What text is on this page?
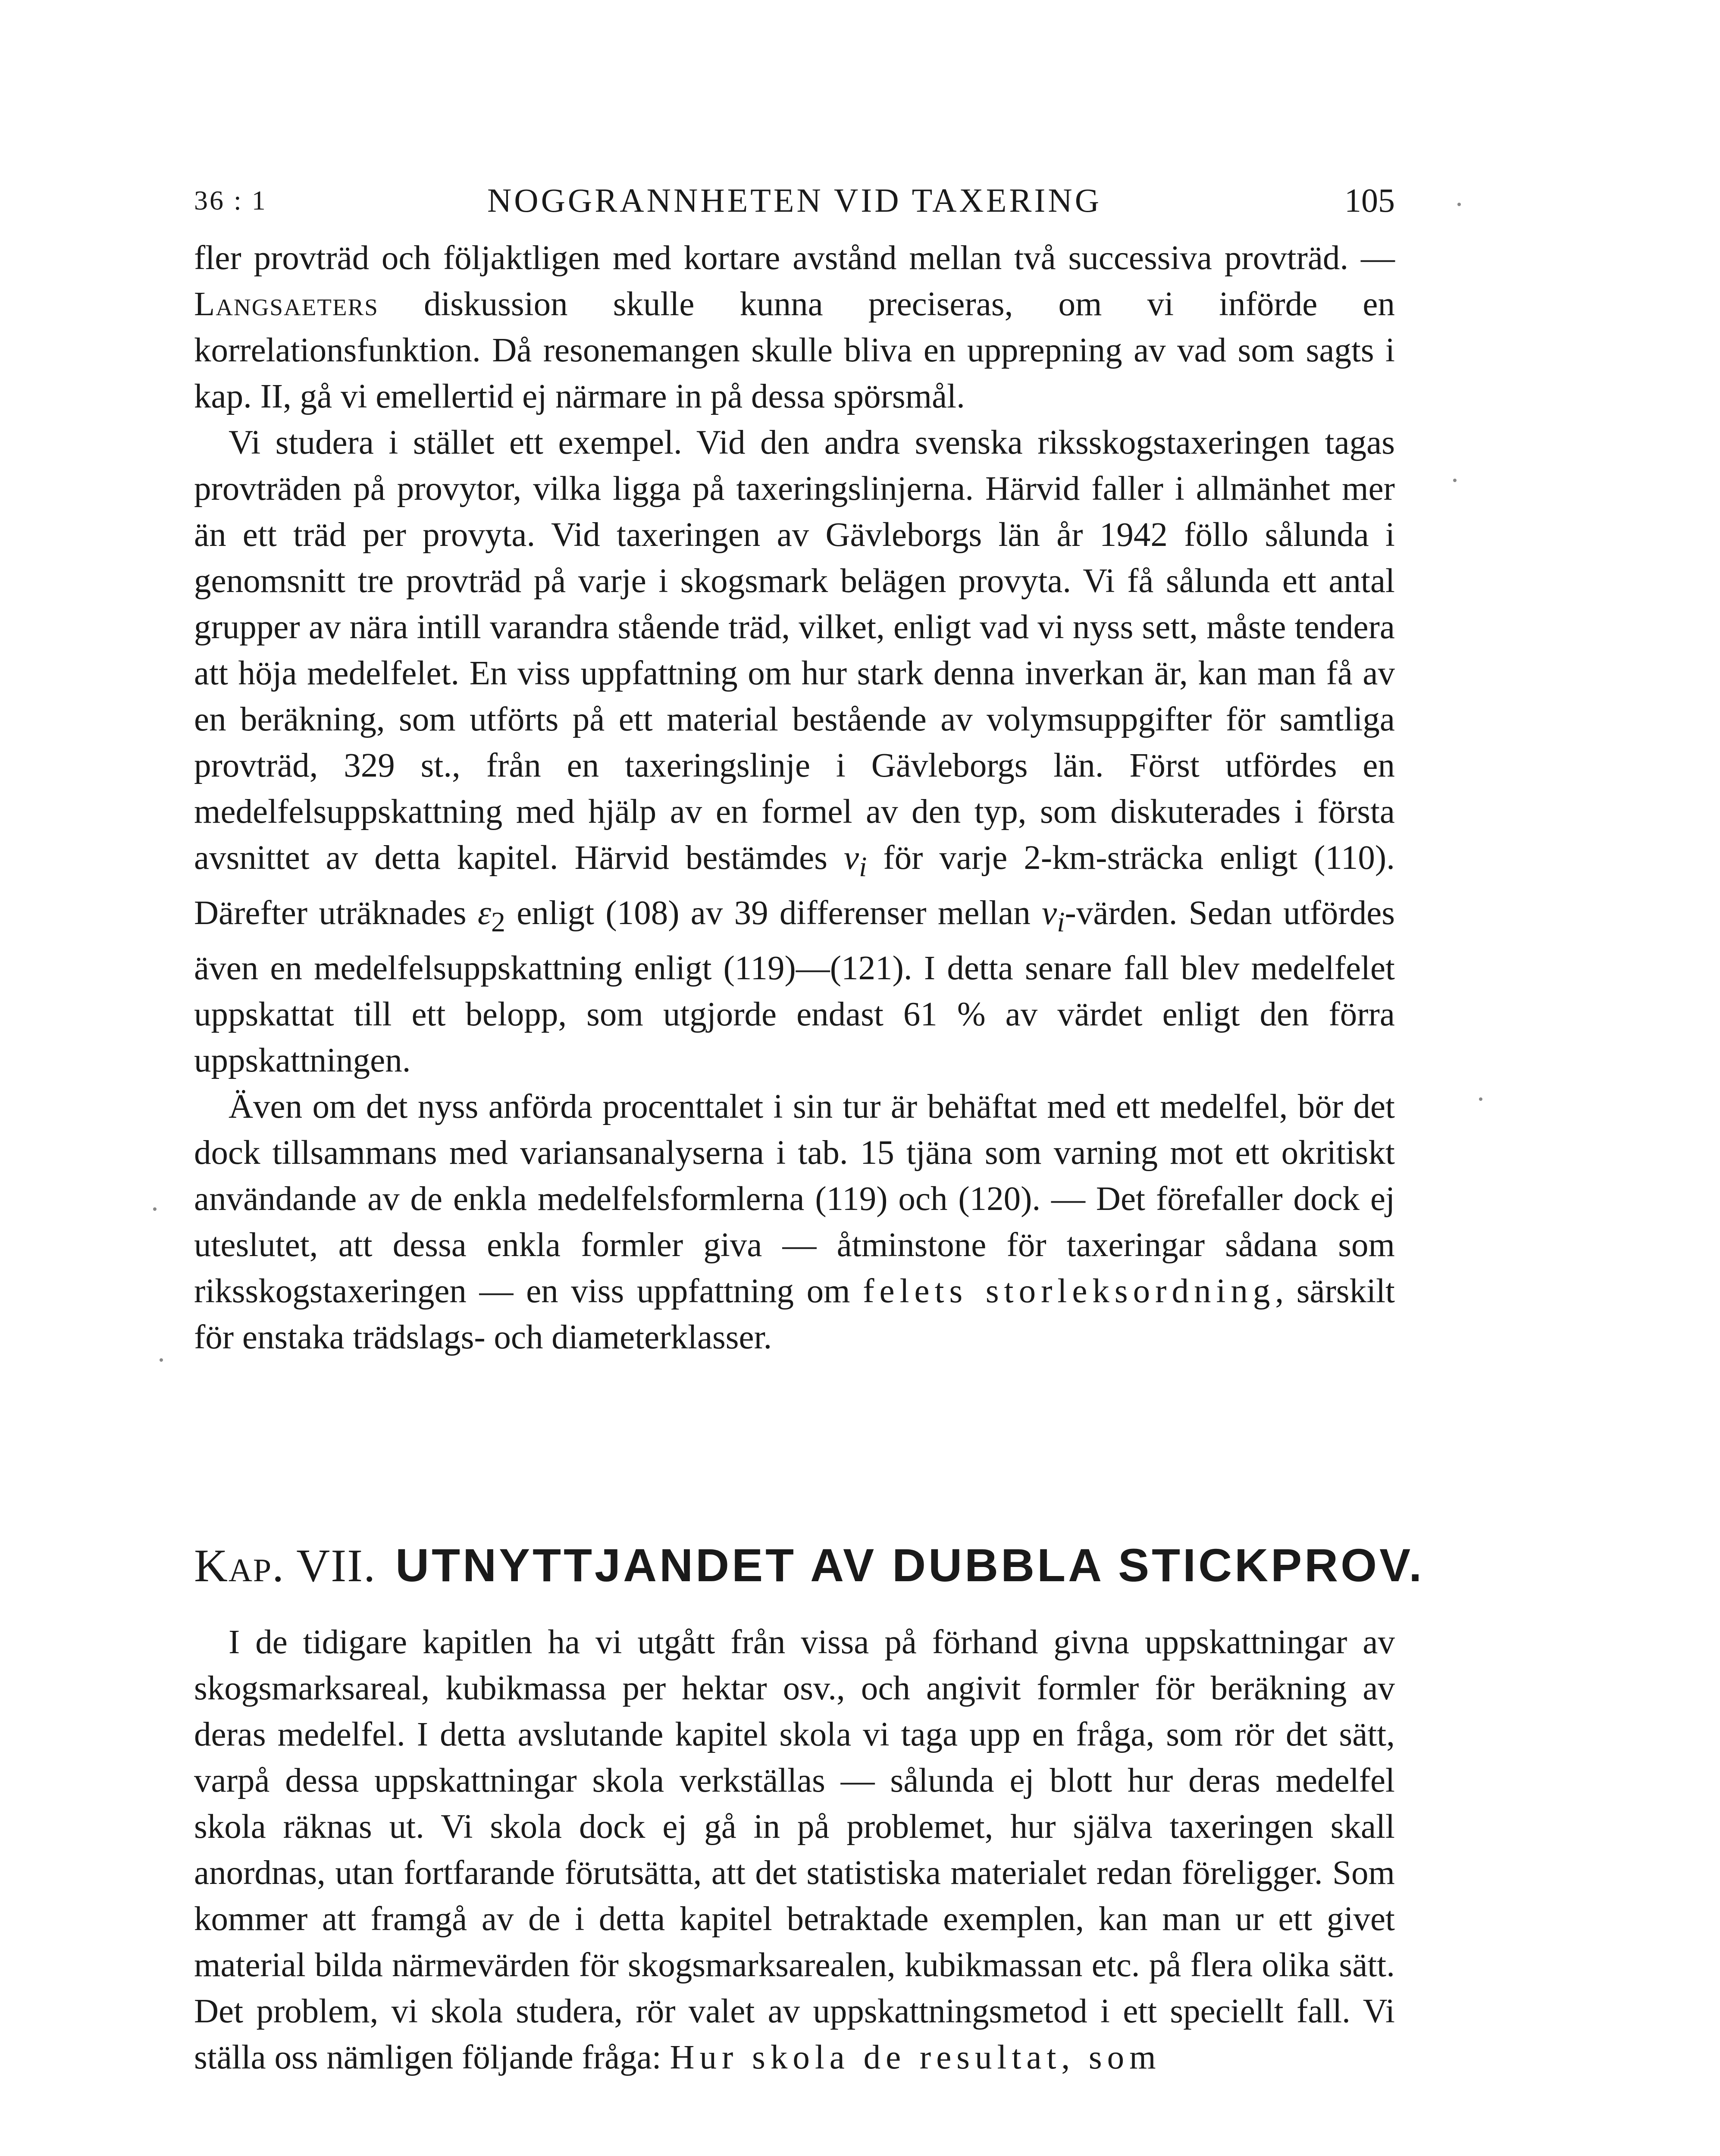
36 : 1	NOGGRANNHETEN VID TAXERING	105

fler provträd och följaktligen med kortare avstånd mellan två successiva provträd. — Langsaeters diskussion skulle kunna preciseras, om vi införde en korrelationsfunktion. Då resonemangen skulle bliva en upprepning av vad som sagts i kap. II, gå vi emellertid ej närmare in på dessa spörsmål.

Vi studera i stället ett exempel. Vid den andra svenska riksskogstaxeringen tagas provträden på provytor, vilka ligga på taxeringslinjerna. Härvid faller i allmänhet mer än ett träd per provyta. Vid taxeringen av Gävleborgs län år 1942 föllo sålunda i genomsnitt tre provträd på varje i skogsmark belägen provyta. Vi få sålunda ett antal grupper av nära intill varandra stående träd, vilket, enligt vad vi nyss sett, måste tendera att höja medelfelet. En viss uppfattning om hur stark denna inverkan är, kan man få av en beräkning, som utförts på ett material bestående av volymsuppgifter för samtliga provträd, 329 st., från en taxeringslinje i Gävleborgs län. Först utfördes en medelfelsuppskattning med hjälp av en formel av den typ, som diskuterades i första avsnittet av detta kapitel. Härvid bestämdes $v_i$ för varje 2-km-sträcka enligt (110). Därefter uträknades $\varepsilon_2$ enligt (108) av 39 differenser mellan $v_i$-värden. Sedan utfördes även en medelfelsuppskattning enligt (119)—(121). I detta senare fall blev medelfelet uppskattat till ett belopp, som utgjorde endast 61 % av värdet enligt den förra uppskattningen.

Även om det nyss anförda procenttalet i sin tur är behäftat med ett medelfel, bör det dock tillsammans med variansanalyserna i tab. 15 tjäna som varning mot ett okritiskt användande av de enkla medelfelsformlerna (119) och (120). — Det förefaller dock ej uteslutet, att dessa enkla formler giva — åtminstone för taxeringar sådana som riksskogstaxeringen — en viss uppfattning om felets storleksordning, särskilt för enstaka trädslags- och diameterklasser.

Kap. VII. UTNYTTJANDET AV DUBBLA STICKPROV.

I de tidigare kapitlen ha vi utgått från vissa på förhand givna uppskattningar av skogsmarksareal, kubikmassa per hektar osv., och angivit formler för beräkning av deras medelfel. I detta avslutande kapitel skola vi taga upp en fråga, som rör det sätt, varpå dessa uppskattningar skola verkställas — sålunda ej blott hur deras medelfel skola räknas ut. Vi skola dock ej gå in på problemet, hur själva taxeringen skall anordnas, utan fortfarande förutsätta, att det statistiska materialet redan föreligger. Som kommer att framgå av de i detta kapitel betraktade exemplen, kan man ur ett givet material bilda närmevärden för skogsmarksarealen, kubikmassan etc. på flera olika sätt. Det problem, vi skola studera, rör valet av uppskattningsmetod i ett speciellt fall. Vi ställa oss nämligen följande fråga: Hur skola de resultat, som
